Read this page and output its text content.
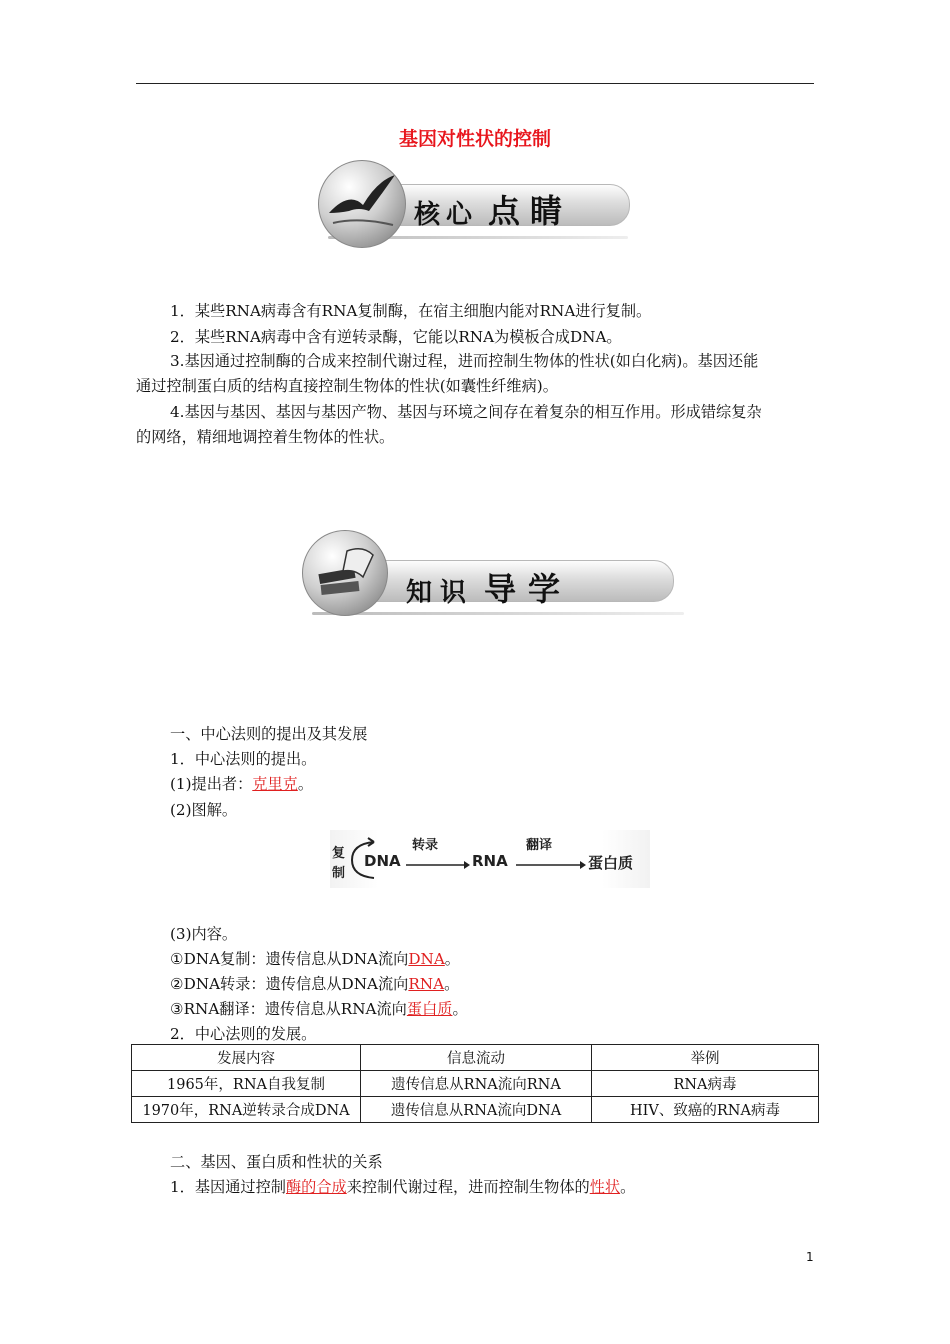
基因对性状的控制
核 心 点 睛
1．某些RNA病毒含有RNA复制酶，在宿主细胞内能对RNA进行复制。
2．某些RNA病毒中含有逆转录酶，它能以RNA为模板合成DNA。
3.基因通过控制酶的合成来控制代谢过程，进而控制生物体的性状(如白化病)。基因还能
通过控制蛋白质的结构直接控制生物体的性状(如囊性纤维病)。
4.基因与基因、基因与基因产物、基因与环境之间存在着复杂的相互作用。形成错综复杂
的网络，精细地调控着生物体的性状。
知 识 导 学
一、中心法则的提出及其发展
1．中心法则的提出。
(1)提出者：克里克。
(2)图解。
复
制
DNA
转录
RNA
翻译
蛋白质
(3)内容。
①DNA复制：遗传信息从DNA流向DNA。
②DNA转录：遗传信息从DNA流向RNA。
③RNA翻译：遗传信息从RNA流向蛋白质。
2．中心法则的发展。
发展内容	信息流动	举例
1965年，RNA自我复制	遗传信息从RNA流向RNA	RNA病毒
1970年，RNA逆转录合成DNA	遗传信息从RNA流向DNA	HIV、致癌的RNA病毒
二、基因、蛋白质和性状的关系
1．基因通过控制酶的合成来控制代谢过程，进而控制生物体的性状。
1
